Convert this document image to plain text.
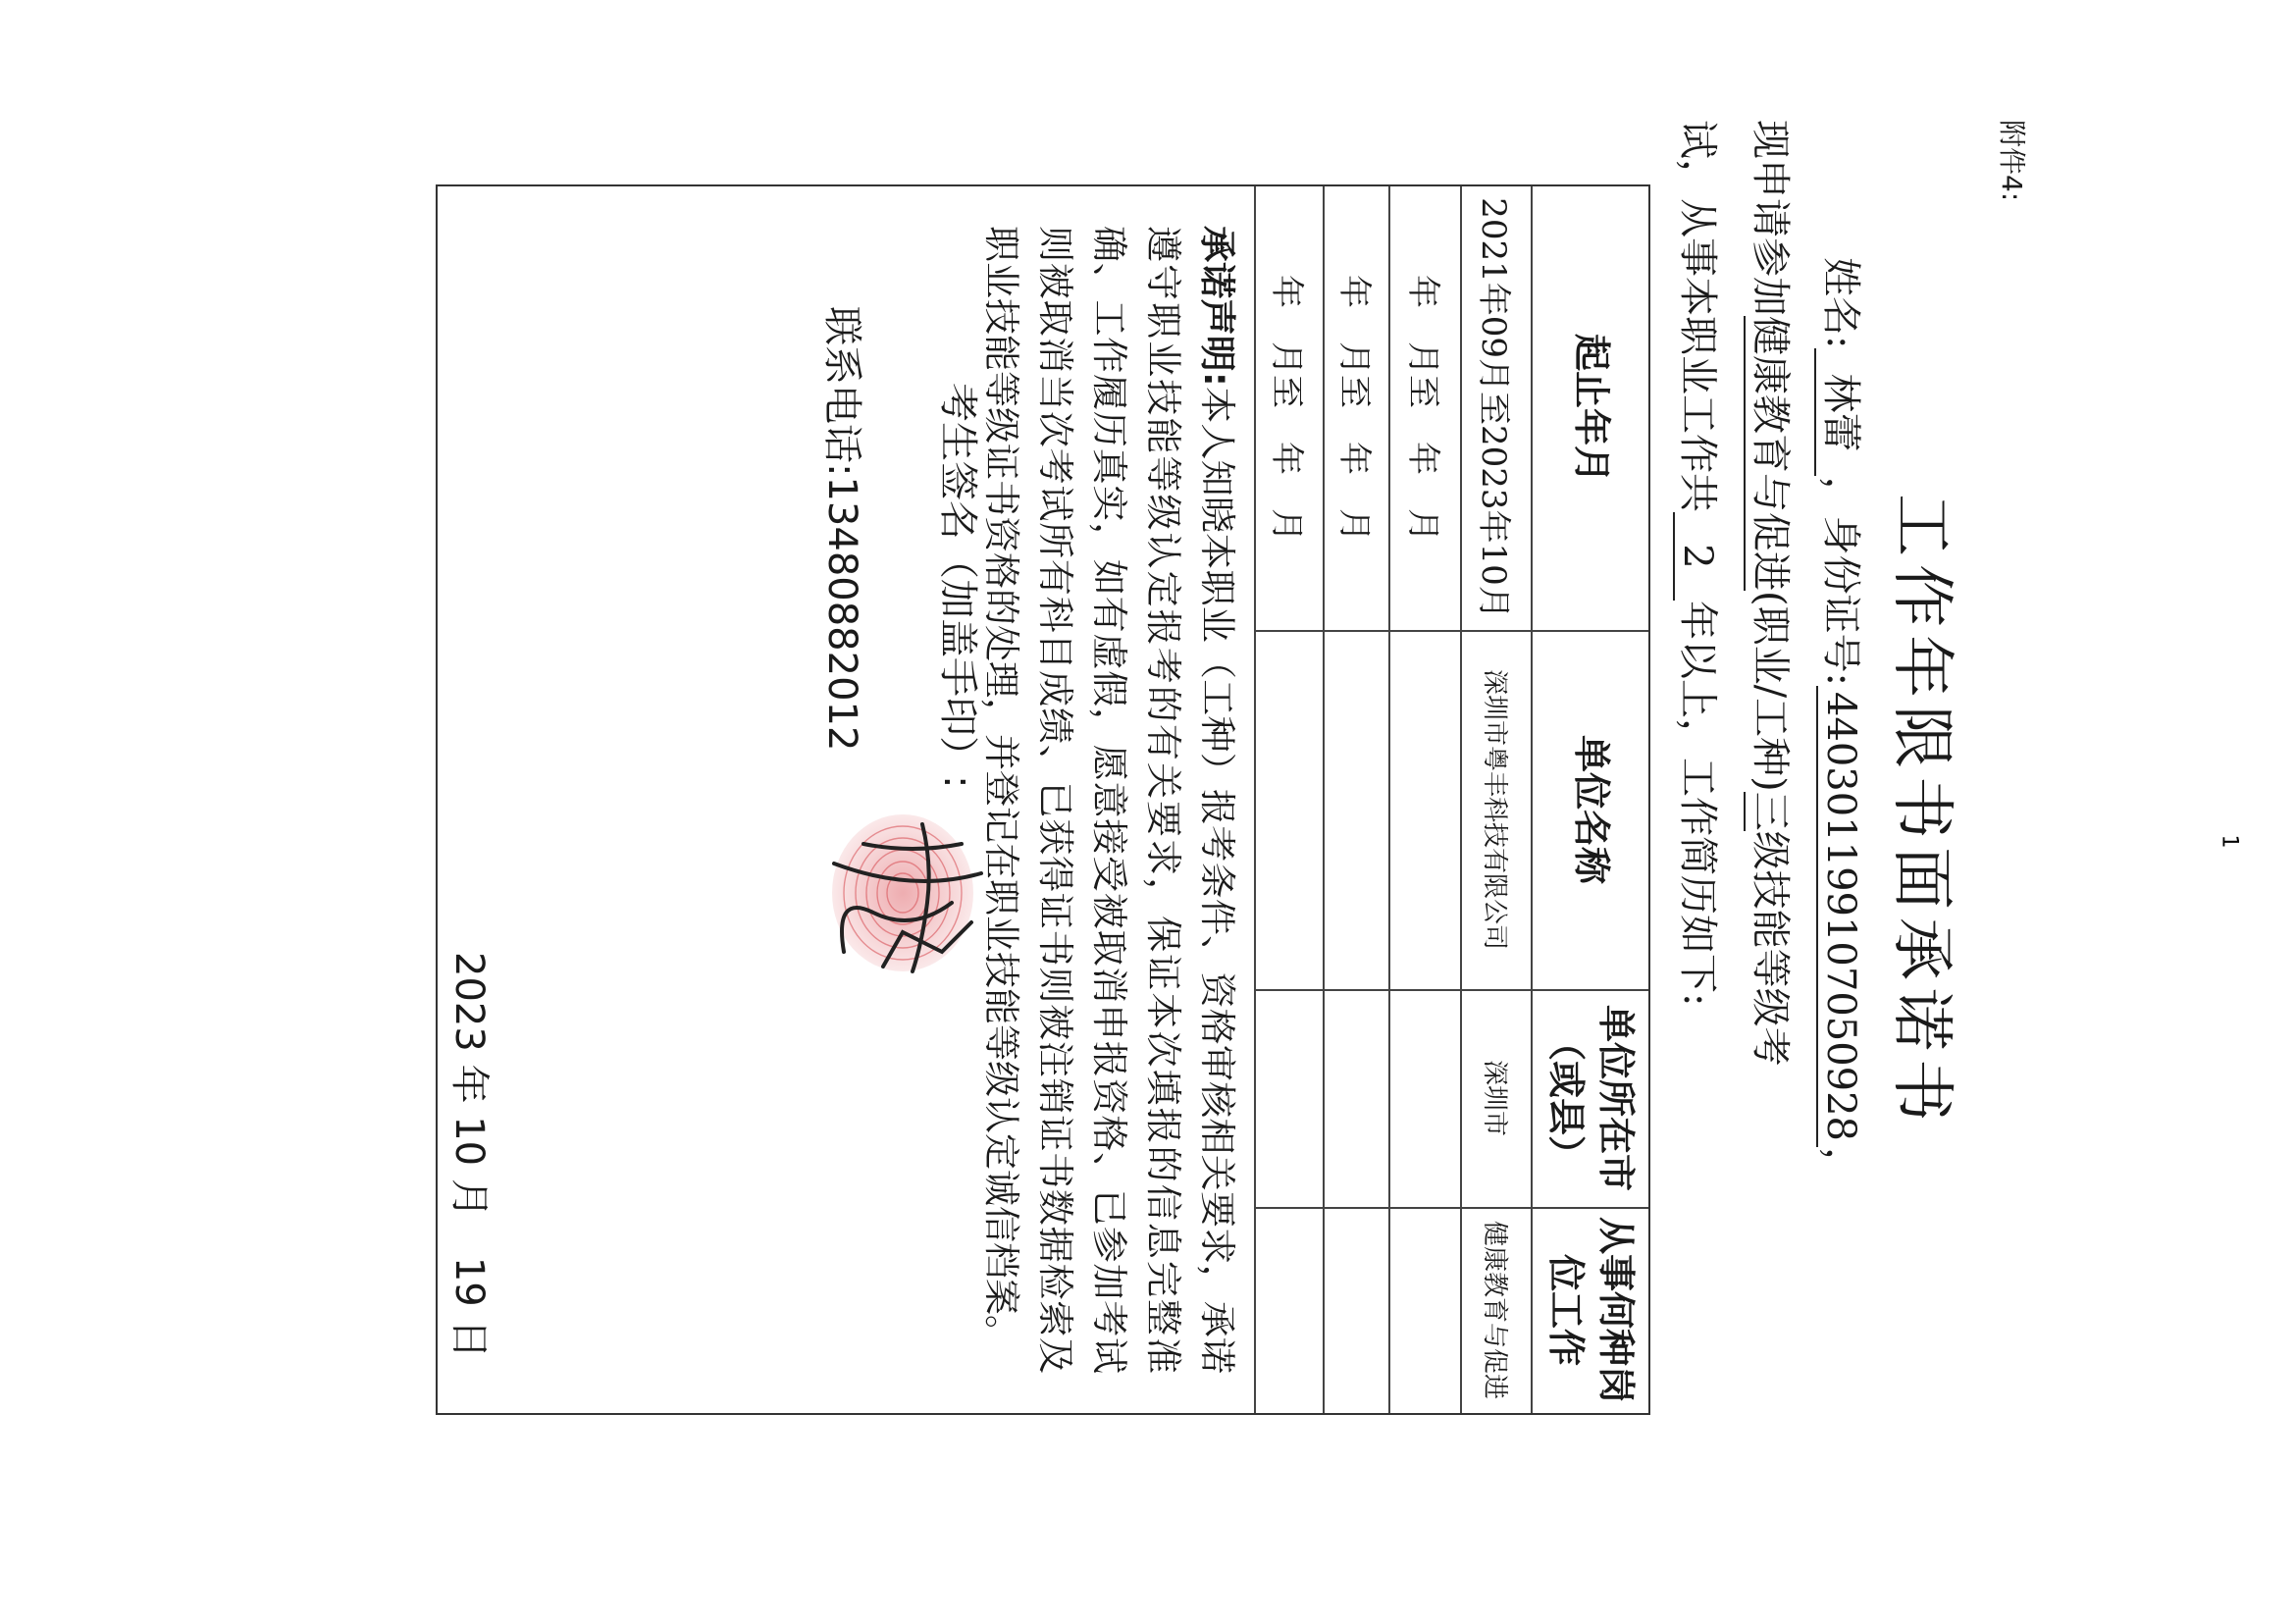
附件4:
工作年限书面承诺书
姓名:林蕾，身份证号:440301199107050928，
现申请参加健康教育与促进(职业/工种)三级技能等级考
试，从事本职业工作共2年以上，工作简历如下:
起止年月
单位名称
单位所在市（或县）
从事何种岗位工作
2021年09月至2023年10月
深圳市粤丰科技有限公司
深圳市
健康教育与促进
年　月至　年　月
年　月至　年　月
年　月至　年　月
承诺声明:本人知晓本职业（工种）报考条件、资格审核相关要求，承诺遵守职业技能等级认定报考的有关要求，保证本次填报的信息完整准确、工作履历真实，如有虚假，愿意接受被取消申报资格、已参加考试则被取消当次考试所有科目成绩、已获得证书则被注销证书数据检索及职业技能等级证书资格的处理，并登记在职业技能等级认定诚信档案。
考生签名（加盖手印）:
联系电话:13480882012
2023 年 10 月　19 日
1
